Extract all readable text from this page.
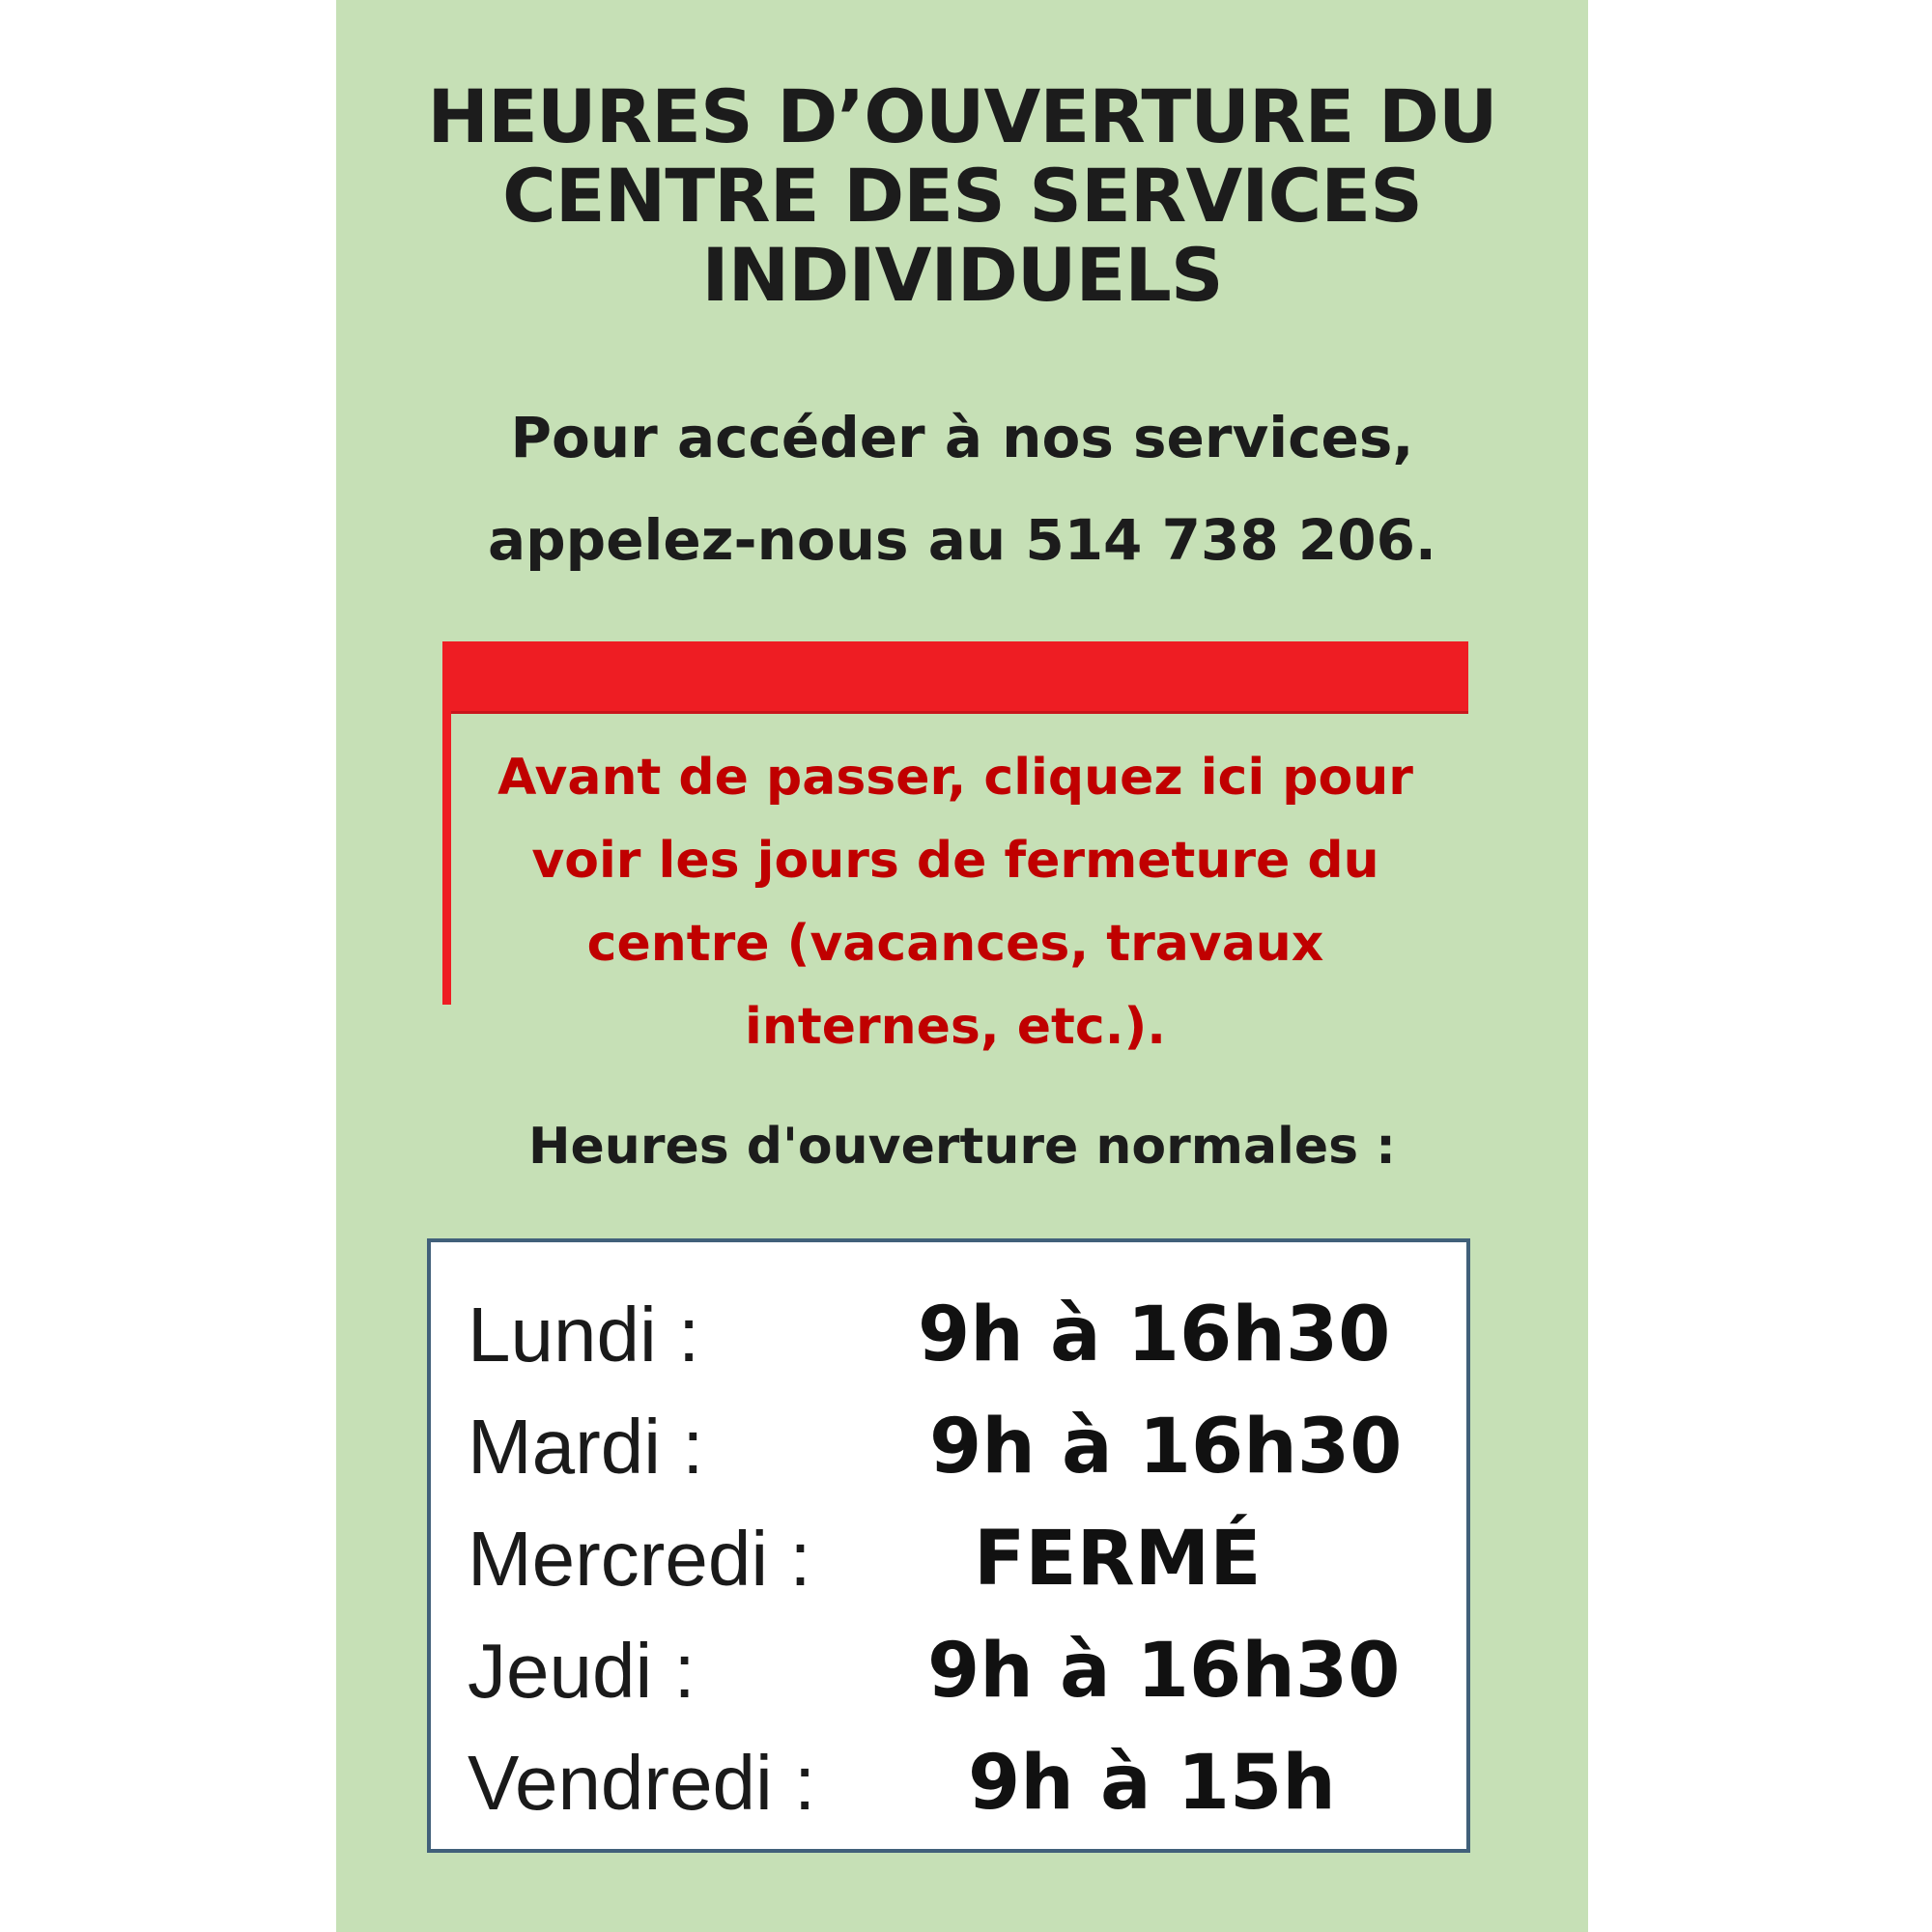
HEURES D’OUVERTURE DU
CENTRE DES SERVICES
INDIVIDUELS
Pour accéder à nos services,
appelez-nous au 514 738 206.
Avant de passer, cliquez ici pour
voir les jours de fermeture du
centre (vacances, travaux
internes, etc.).
Heures d'ouverture normales :
Lundi :	9h à 16h30
Mardi :	9h à 16h30
Mercredi : FERMÉ
Jeudi :	9h à 16h30
Vendredi : 9h à 15h
